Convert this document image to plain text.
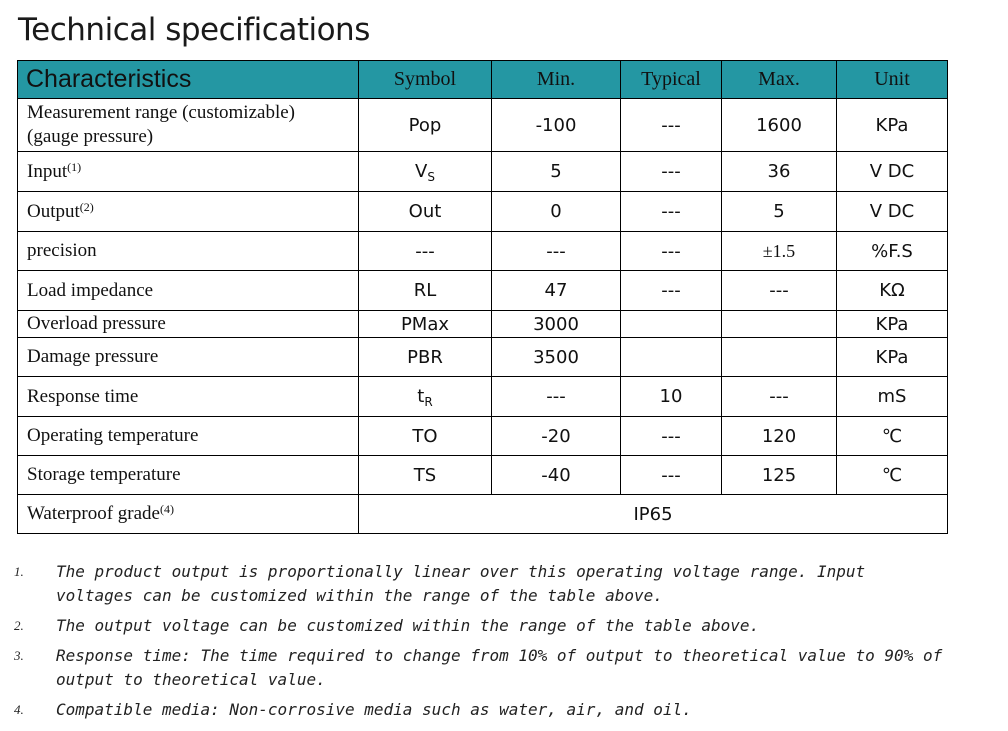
Technical specifications
Characteristics	Symbol	Min.	Typical	Max.	Unit
Measurement range (customizable)
(gauge pressure)	Pop	-100	---	1600	KPa
Input$^{(1)}$	$V_S$	5	---	36	V DC
Output$^{(2)}$	Out	0	---	5	V DC
precision	---	---	---	±1.5	%F.S
Load impedance	RL	47	---	---	KΩ
Overload pressure	PMax	3000			KPa
Damage pressure	PBR	3500			KPa
Response time	$t_R$	---	10	---	mS
Operating temperature	TO	-20	---	120	℃
Storage temperature	TS	-40	---	125	℃
Waterproof grade$^{(4)}$	IP65				
1. The product output is proportionally linear over this operating voltage range. Input voltages can be customized within the range of the table above.
2. The output voltage can be customized within the range of the table above.
3. Response time: The time required to change from 10% of output to theoretical value to 90% of output to theoretical value.
4. Compatible media: Non-corrosive media such as water, air, and oil.
